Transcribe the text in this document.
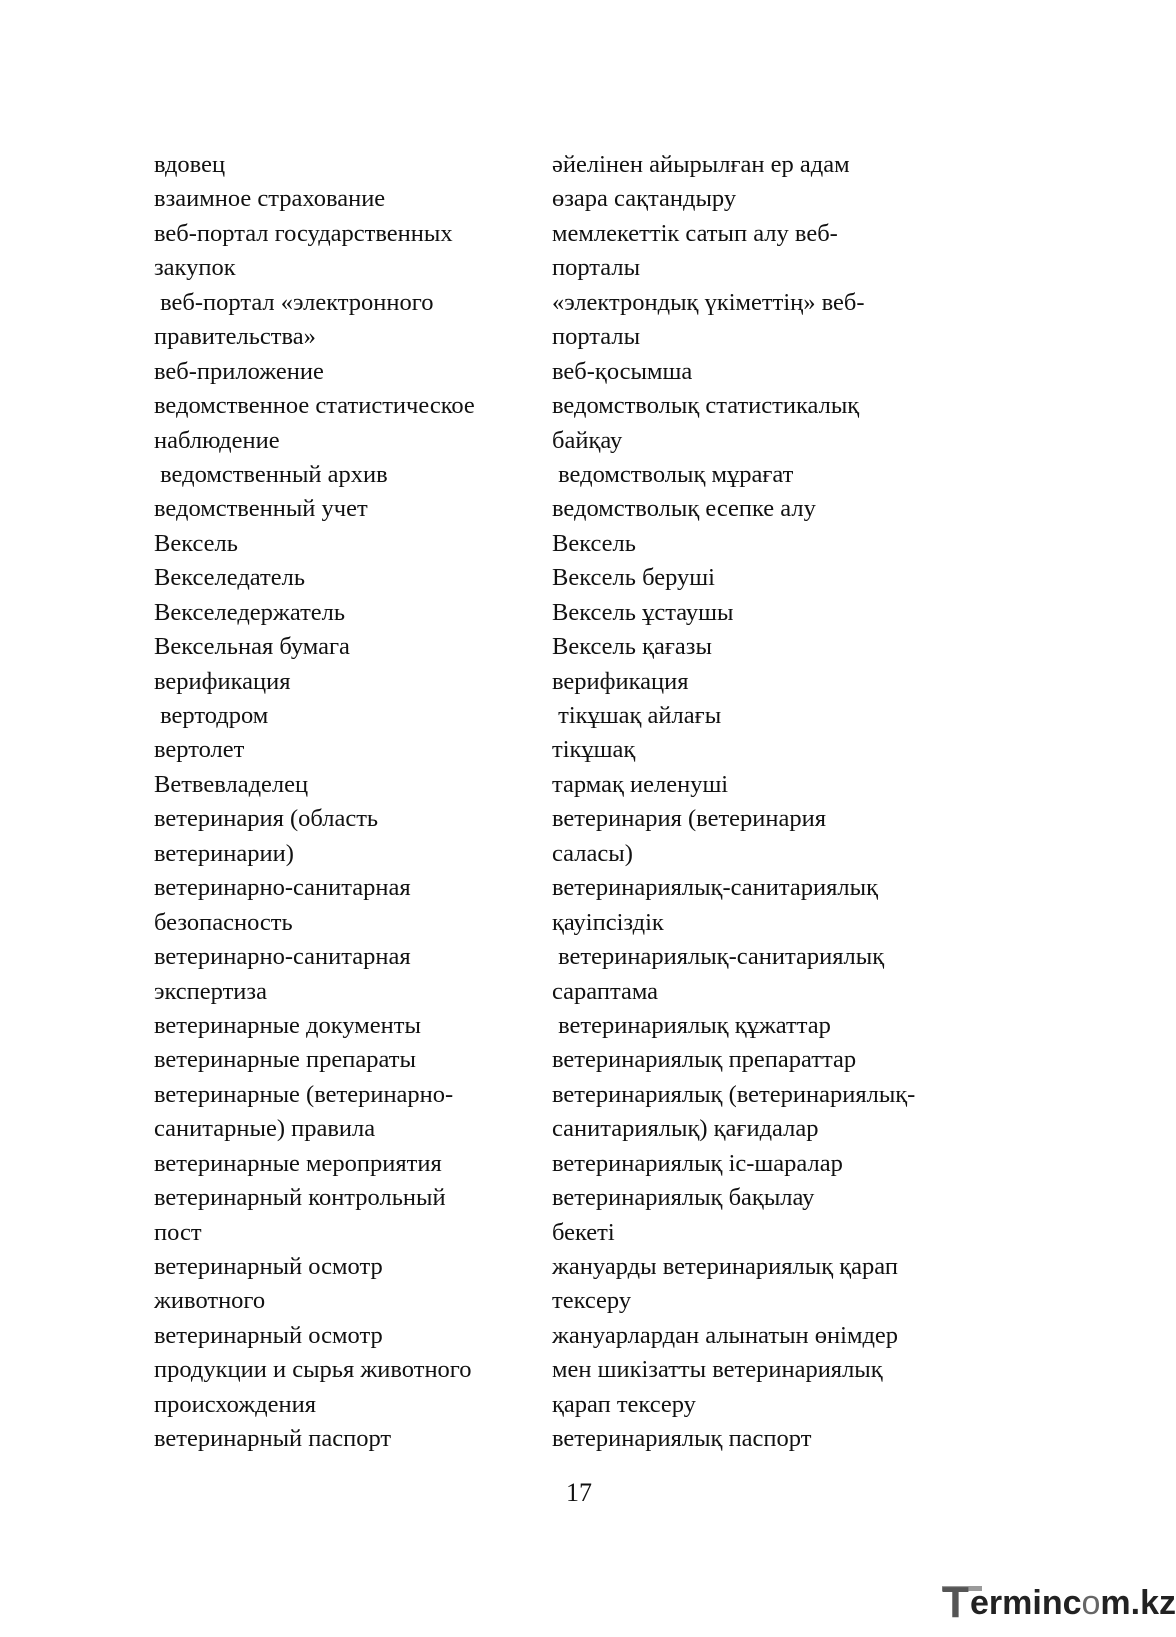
вдовец
взаимное страхование
веб-портал государственных
закупок
веб-портал «электронного
правительства»
веб-приложение
ведомственное статистическое
наблюдение
ведомственный архив
ведомственный учет
Вексель
Векселедатель
Векселедержатель
Вексельная бумага
верификация
вертодром
вертолет
Ветвевладелец
ветеринария (область
ветеринарии)
ветеринарно-санитарная
безопасность
ветеринарно-санитарная
экспертиза
ветеринарные документы
ветеринарные препараты
ветеринарные (ветеринарно-
санитарные) правила
ветеринарные мероприятия
ветеринарный контрольный
пост
ветеринарный осмотр
животного
ветеринарный осмотр
продукции и сырья животного
происхождения
ветеринарный паспорт
әйелінен айырылған ер адам
өзара сақтандыру
мемлекеттік сатып алу веб-
порталы
«электрондық үкіметтің» веб-
порталы
веб-қосымша
ведомстволық статистикалық
байқау
ведомстволық мұрағат
ведомстволық есепке алу
Вексель
Вексель беруші
Вексель ұстаушы
Вексель қағазы
верификация
тікұшақ айлағы
тікұшақ
тармақ иеленуші
ветеринария (ветеринария
саласы)
ветеринариялық-санитариялық
қауіпсіздік
ветеринариялық-санитариялық
сараптама
ветеринариялық құжаттар
ветеринариялық препараттар
ветеринариялық (ветеринариялық-
санитариялық) қағидалар
ветеринариялық іс-шаралар
ветеринариялық бақылау
бекеті
жануарды ветеринариялық қарап
тексеру
жануарлардан алынатын өнімдер
мен шикізатты ветеринариялық
қарап тексеру
ветеринариялық паспорт
17
T ermincom.kz
